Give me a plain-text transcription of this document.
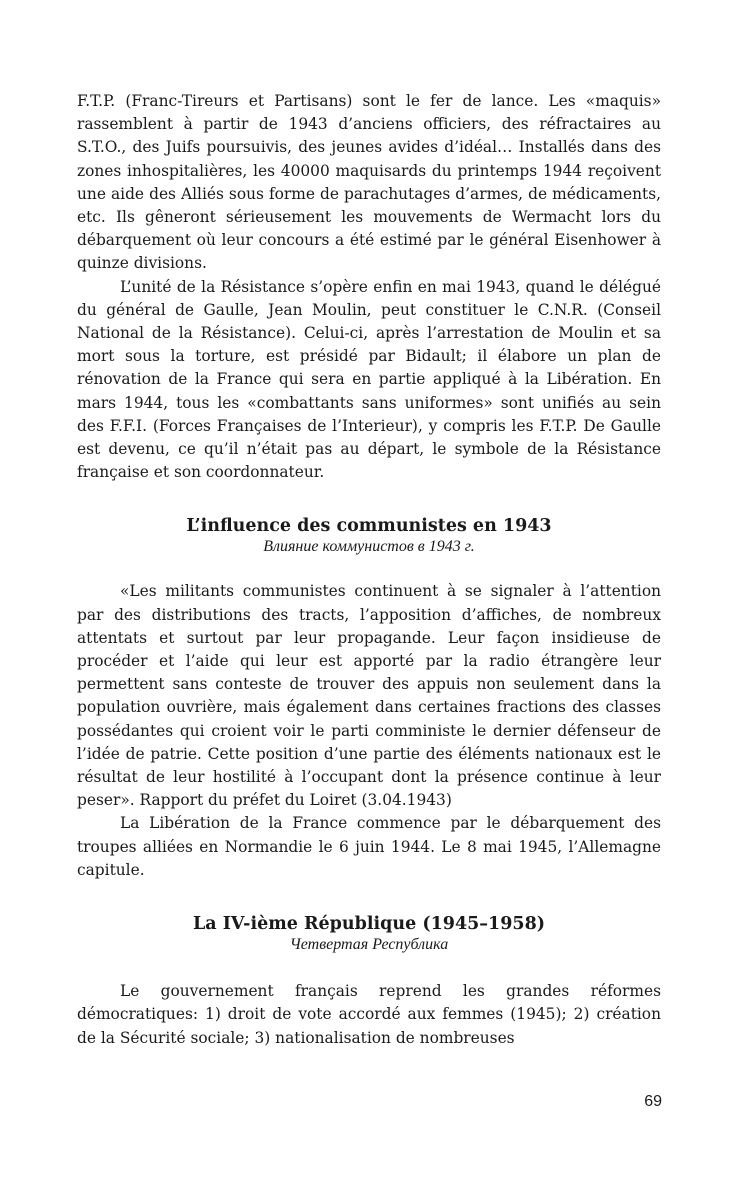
F.T.P. (Franc-Tireurs et Partisans) sont le fer de lance. Les «maquis» rassemblent à partir de 1943 d’anciens officiers, des réfractaires au S.T.O., des Juifs poursuivis, des jeunes avides d’idéal… Installés dans des zones inhospitalières, les 40000 maquisards du printemps 1944 reçoivent une aide des Alliés sous forme de parachutages d’armes, de médicaments, etc. Ils gêneront sérieusement les mouvements de Wermacht lors du débarquement où leur concours a été estimé par le général Eisenhower à quinze divisions.

L’unité de la Résistance s’opère enfin en mai 1943, quand le délégué du général de Gaulle, Jean Moulin, peut constituer le C.N.R. (Conseil National de la Résistance). Celui-ci, après l’arrestation de Moulin et sa mort sous la torture, est présidé par Bidault; il élabore un plan de rénovation de la France qui sera en partie appliqué à la Libération. En mars 1944, tous les «combattants sans uniformes» sont unifiés au sein des F.F.I. (Forces Françaises de l’Interieur), y compris les F.T.P. De Gaulle est devenu, ce qu’il n’était pas au départ, le symbole de la Résistance française et son coordonnateur.

L’influence des communistes en 1943

Влияние коммунистов в 1943 г.

«Les militants communistes continuent à se signaler à l’attention par des distributions des tracts, l’apposition d’affiches, de nombreux attentats et surtout par leur propagande. Leur façon insidieuse de procéder et l’aide qui leur est apporté par la radio étrangère leur permettent sans conteste de trouver des appuis non seulement dans la population ouvrière, mais également dans certaines fractions des classes possédantes qui croient voir le parti comministe le dernier défenseur de l’idée de patrie. Cette position d’une partie des éléments nationaux est le résultat de leur hostilité à l’occupant dont la présence continue à leur peser». Rapport du préfet du Loiret (3.04.1943)

La Libération de la France commence par le débarquement des troupes alliées en Normandie le 6 juin 1944. Le 8 mai 1945, l’Allemagne capitule.

La IV-ième République (1945–1958)

Четвертая Республика

Le gouvernement français reprend les grandes réformes démocratiques: 1) droit de vote accordé aux femmes (1945); 2) création de la Sécurité sociale; 3) nationalisation de nombreuses

69
